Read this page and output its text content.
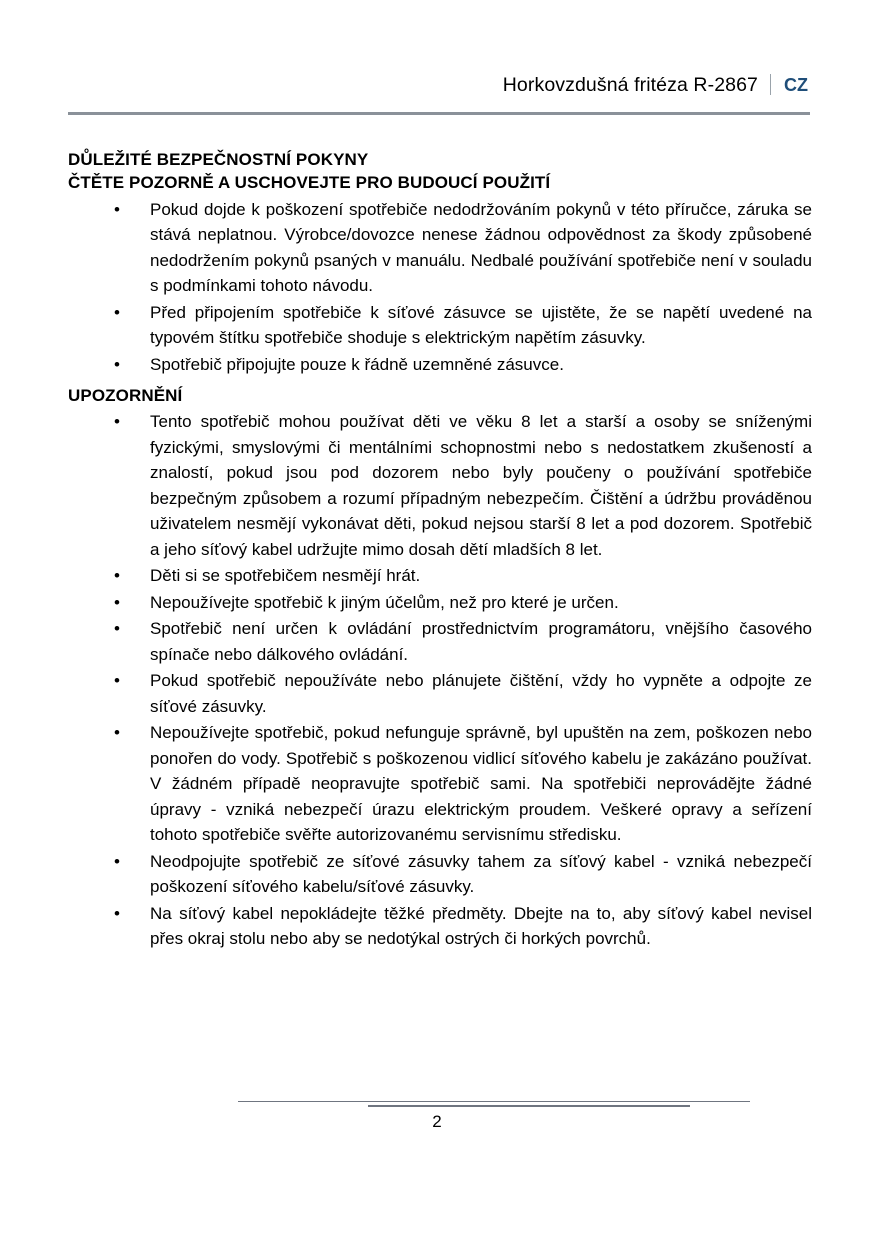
Horkovzdušná fritéza R-2867	CZ
DŮLEŽITÉ BEZPEČNOSTNÍ POKYNY
ČTĚTE POZORNĚ A USCHOVEJTE PRO BUDOUCÍ POUŽITÍ
• Pokud dojde k poškození spotřebiče nedodržováním pokynů v této příručce, záruka se stává neplatnou. Výrobce/dovozce nenese žádnou odpovědnost za škody způsobené nedodržením pokynů psaných v manuálu. Nedbalé používání spotřebiče není v souladu s podmínkami tohoto návodu.
• Před připojením spotřebiče k síťové zásuvce se ujistěte, že se napětí uvedené na typovém štítku spotřebiče shoduje s elektrickým napětím zásuvky.
• Spotřebič připojujte pouze k řádně uzemněné zásuvce.
UPOZORNĚNÍ
• Tento spotřebič mohou používat děti ve věku 8 let a starší a osoby se sníženými fyzickými, smyslovými či mentálními schopnostmi nebo s nedostatkem zkušeností a znalostí, pokud jsou pod dozorem nebo byly poučeny o používání spotřebiče bezpečným způsobem a rozumí případným nebezpečím. Čištění a údržbu prováděnou uživatelem nesmějí vykonávat děti, pokud nejsou starší 8 let a pod dozorem. Spotřebič a jeho síťový kabel udržujte mimo dosah dětí mladších 8 let.
• Děti si se spotřebičem nesmějí hrát.
• Nepoužívejte spotřebič k jiným účelům, než pro které je určen.
• Spotřebič není určen k ovládání prostřednictvím programátoru, vnějšího časového spínače nebo dálkového ovládání.
• Pokud spotřebič nepoužíváte nebo plánujete čištění, vždy ho vypněte a odpojte ze síťové zásuvky.
• Nepoužívejte spotřebič, pokud nefunguje správně, byl upuštěn na zem, poškozen nebo ponořen do vody. Spotřebič s poškozenou vidlicí síťového kabelu je zakázáno používat. V žádném případě neopravujte spotřebič sami. Na spotřebiči neprovádějte žádné úpravy - vzniká nebezpečí úrazu elektrickým proudem. Veškeré opravy a seřízení tohoto spotřebiče svěřte autorizovanému servisnímu středisku.
• Neodpojujte spotřebič ze síťové zásuvky tahem za síťový kabel - vzniká nebezpečí poškození síťového kabelu/síťové zásuvky.
• Na síťový kabel nepokládejte těžké předměty. Dbejte na to, aby síťový kabel nevisel přes okraj stolu nebo aby se nedotýkal ostrých či horkých povrchů.
2
